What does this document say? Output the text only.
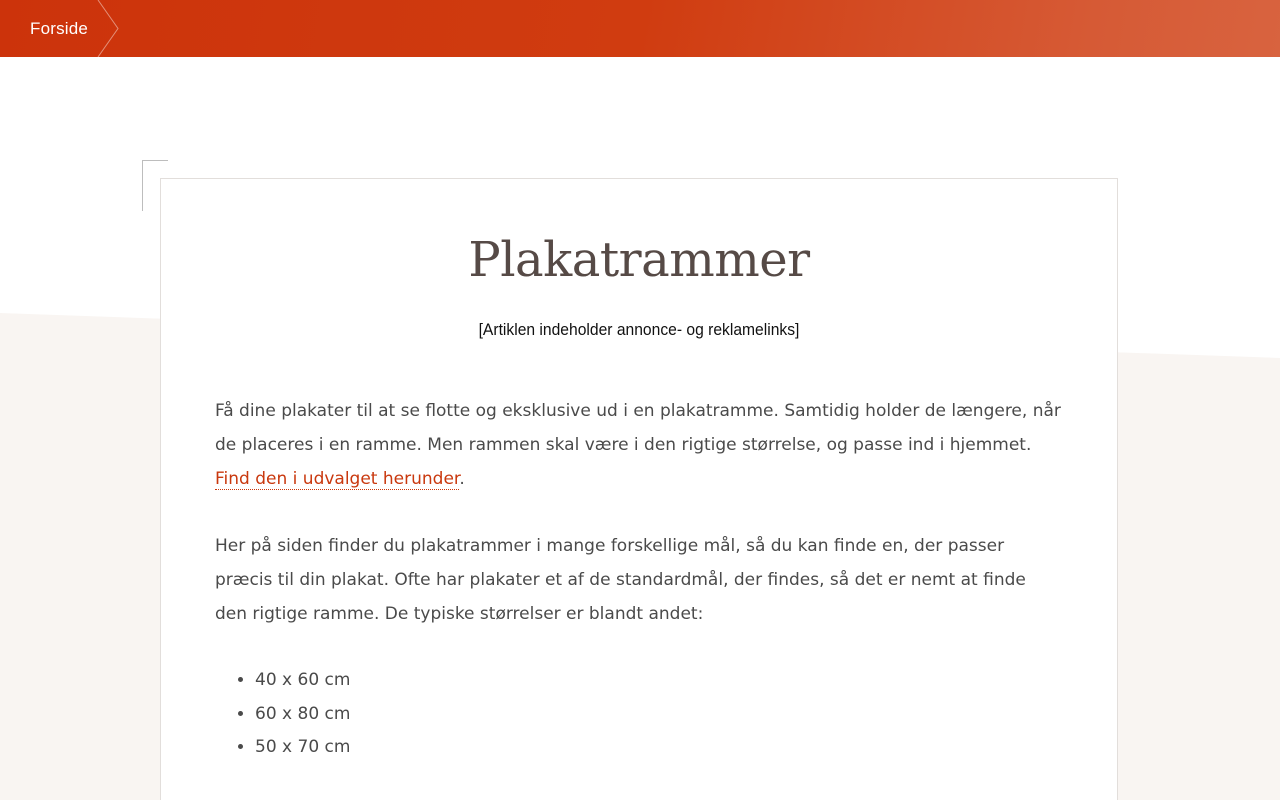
Forside
Plakatrammer
[Artiklen indeholder annonce- og reklamelinks]

Få dine plakater til at se flotte og eksklusive ud i en plakatramme. Samtidig holder de længere, når de placeres i en ramme. Men rammen skal være i den rigtige størrelse, og passe ind i hjemmet. Find den i udvalget herunder.

Her på siden finder du plakatrammer i mange forskellige mål, så du kan finde en, der passer præcis til din plakat. Ofte har plakater et af de standardmål, der findes, så det er nemt at finde den rigtige ramme. De typiske størrelser er blandt andet:

• 40 x 60 cm
• 60 x 80 cm
• 50 x 70 cm
